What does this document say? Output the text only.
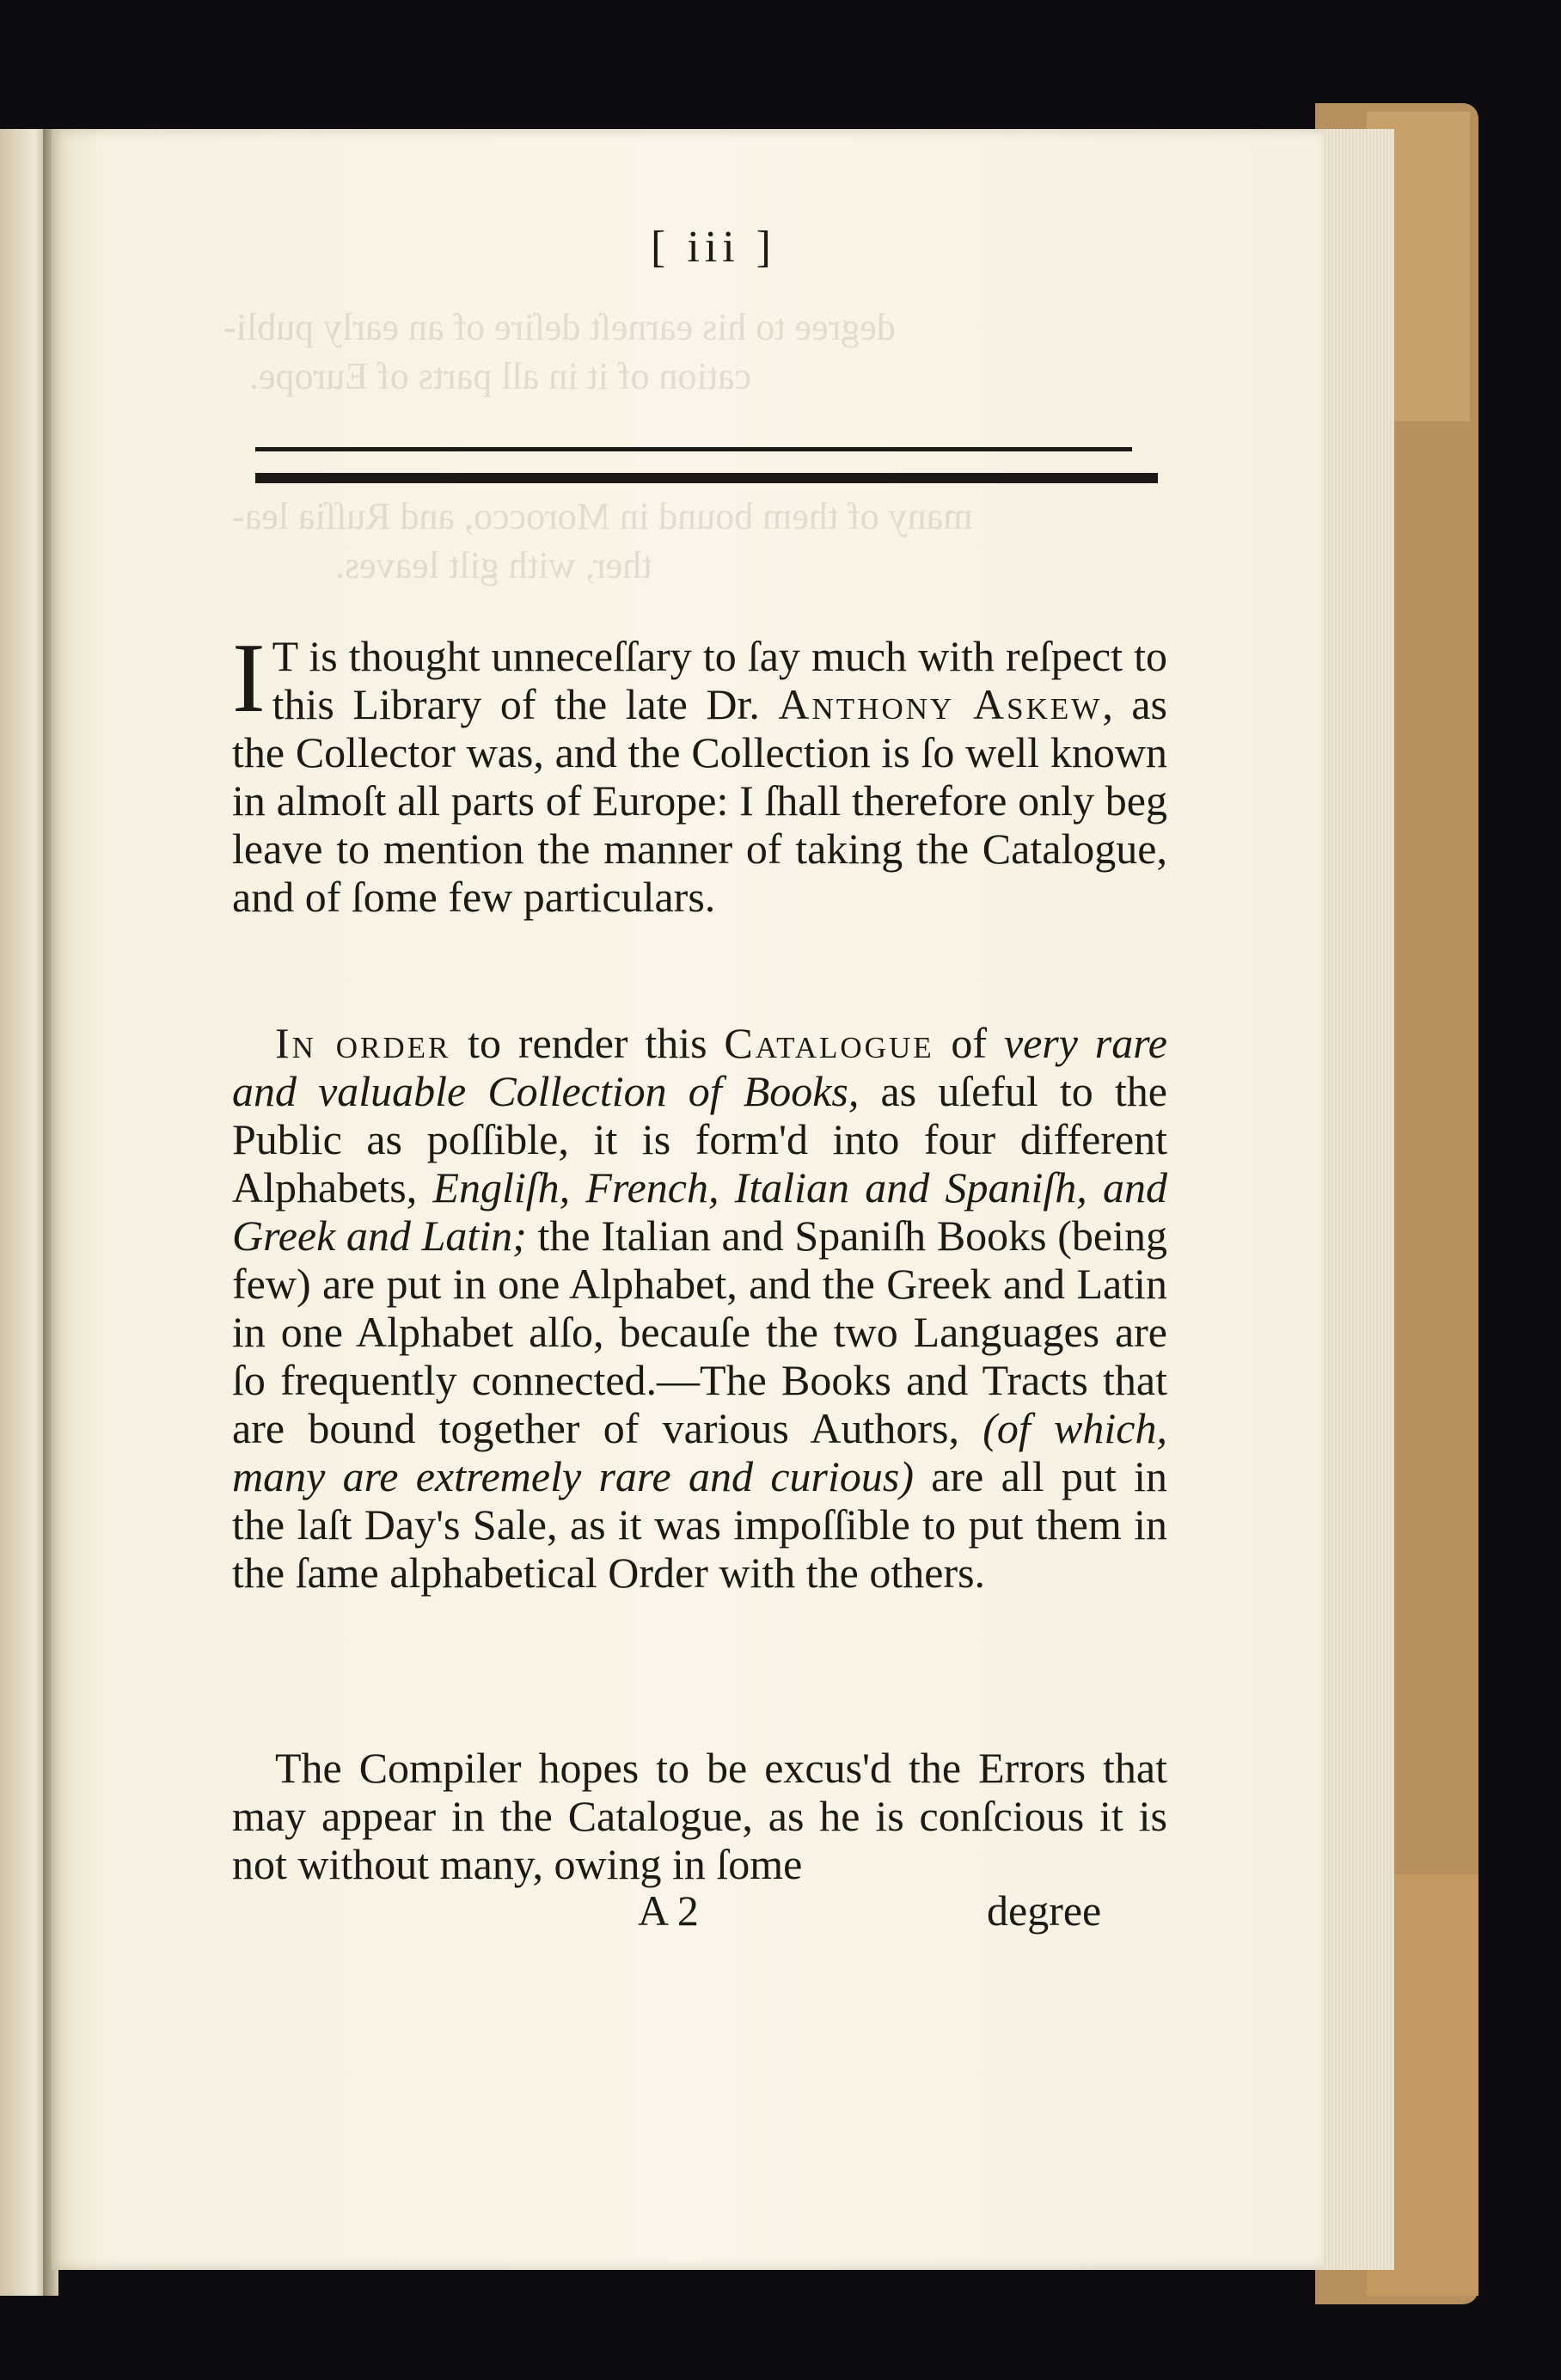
degree to his earneſt deſire of an early publi-
cation of it in all parts of Europe.
many of them bound in Morocco, and Ruſſia lea-
ther, with gilt leaves.
[ iii ]

I T is thought unneceſſary to ſay much with reſpect to this Library of the late Dr. Anthony Askew, as the Collector was, and the Collection is ſo well known in almoſt all parts of Europe: I ſhall therefore only beg leave to mention the manner of taking the Catalogue, and of ſome few particulars.

 In order to render this Catalogue of very rare and valuable Collection of Books, as uſeful to the Public as poſſible, it is form'd into four different Alphabets, Engliſh, French, Italian and Spaniſh, and Greek and Latin; the Italian and Spaniſh Books (being few) are put in one Alphabet, and the Greek and Latin in one Alphabet alſo, becauſe the two Languages are ſo frequently connected.—The Books and Tracts that are bound together of various Authors, (of which, many are extremely rare and curious) are all put in the laſt Day's Sale, as it was impoſſible to put them in the ſame alphabetical Order with the others.

 The Compiler hopes to be excus'd the Errors that may appear in the Catalogue, as he is conſcious it is not without many, owing in ſome

A 2	degree
